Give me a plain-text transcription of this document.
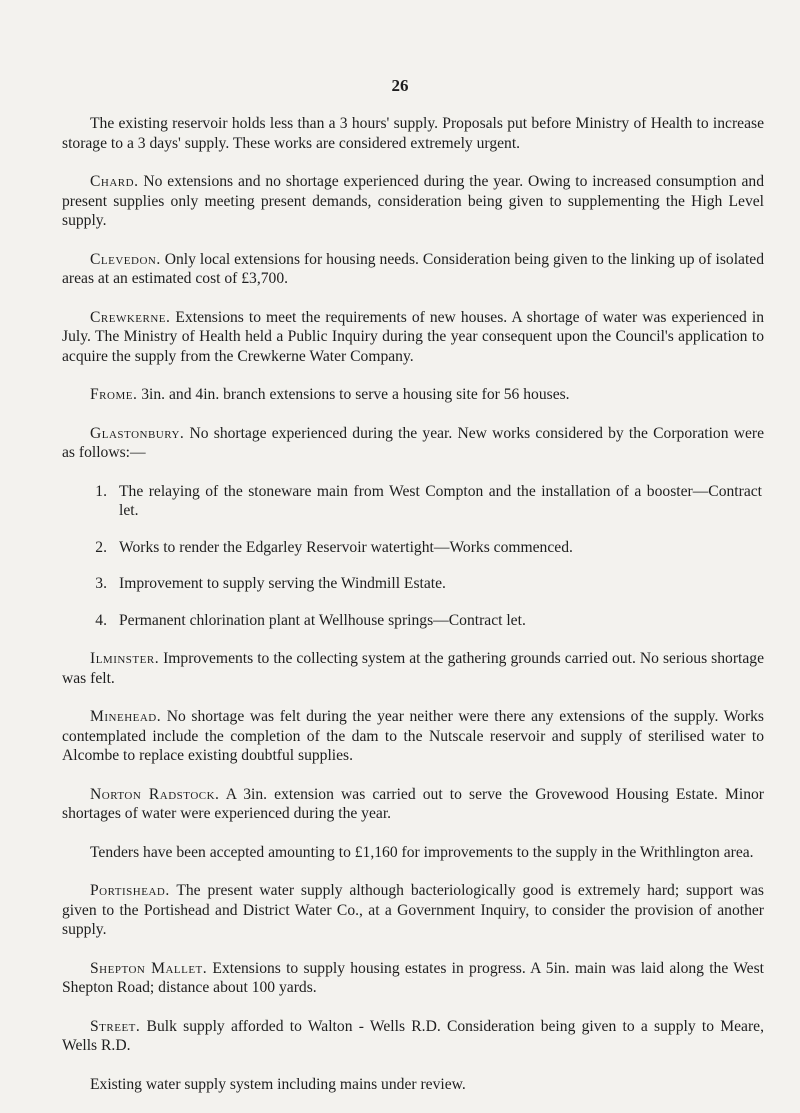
26

The existing reservoir holds less than a 3 hours' supply. Proposals put before Ministry of Health to increase storage to a 3 days' supply. These works are considered extremely urgent.

Chard. No extensions and no shortage experienced during the year. Owing to increased consumption and present supplies only meeting present demands, consideration being given to supplementing the High Level supply.

Clevedon. Only local extensions for housing needs. Consideration being given to the linking up of isolated areas at an estimated cost of £3,700.

Crewkerne. Extensions to meet the requirements of new houses. A shortage of water was experienced in July. The Ministry of Health held a Public Inquiry during the year consequent upon the Council's application to acquire the supply from the Crewkerne Water Company.

Frome. 3in. and 4in. branch extensions to serve a housing site for 56 houses.

Glastonbury. No shortage experienced during the year. New works considered by the Corporation were as follows:—

1. The relaying of the stoneware main from West Compton and the installation of a booster—Contract let.
2. Works to render the Edgarley Reservoir watertight—Works commenced.
3. Improvement to supply serving the Windmill Estate.
4. Permanent chlorination plant at Wellhouse springs—Contract let.

Ilminster. Improvements to the collecting system at the gathering grounds carried out. No serious shortage was felt.

Minehead. No shortage was felt during the year neither were there any extensions of the supply. Works contemplated include the completion of the dam to the Nutscale reservoir and supply of sterilised water to Alcombe to replace existing doubtful supplies.

Norton Radstock. A 3in. extension was carried out to serve the Grovewood Housing Estate. Minor shortages of water were experienced during the year.

Tenders have been accepted amounting to £1,160 for improvements to the supply in the Writhlington area.

Portishead. The present water supply although bacteriologically good is extremely hard; support was given to the Portishead and District Water Co., at a Government Inquiry, to consider the provision of another supply.

Shepton Mallet. Extensions to supply housing estates in progress. A 5in. main was laid along the West Shepton Road; distance about 100 yards.

Street. Bulk supply afforded to Walton - Wells R.D. Consideration being given to a supply to Meare, Wells R.D.

Existing water supply system including mains under review.
